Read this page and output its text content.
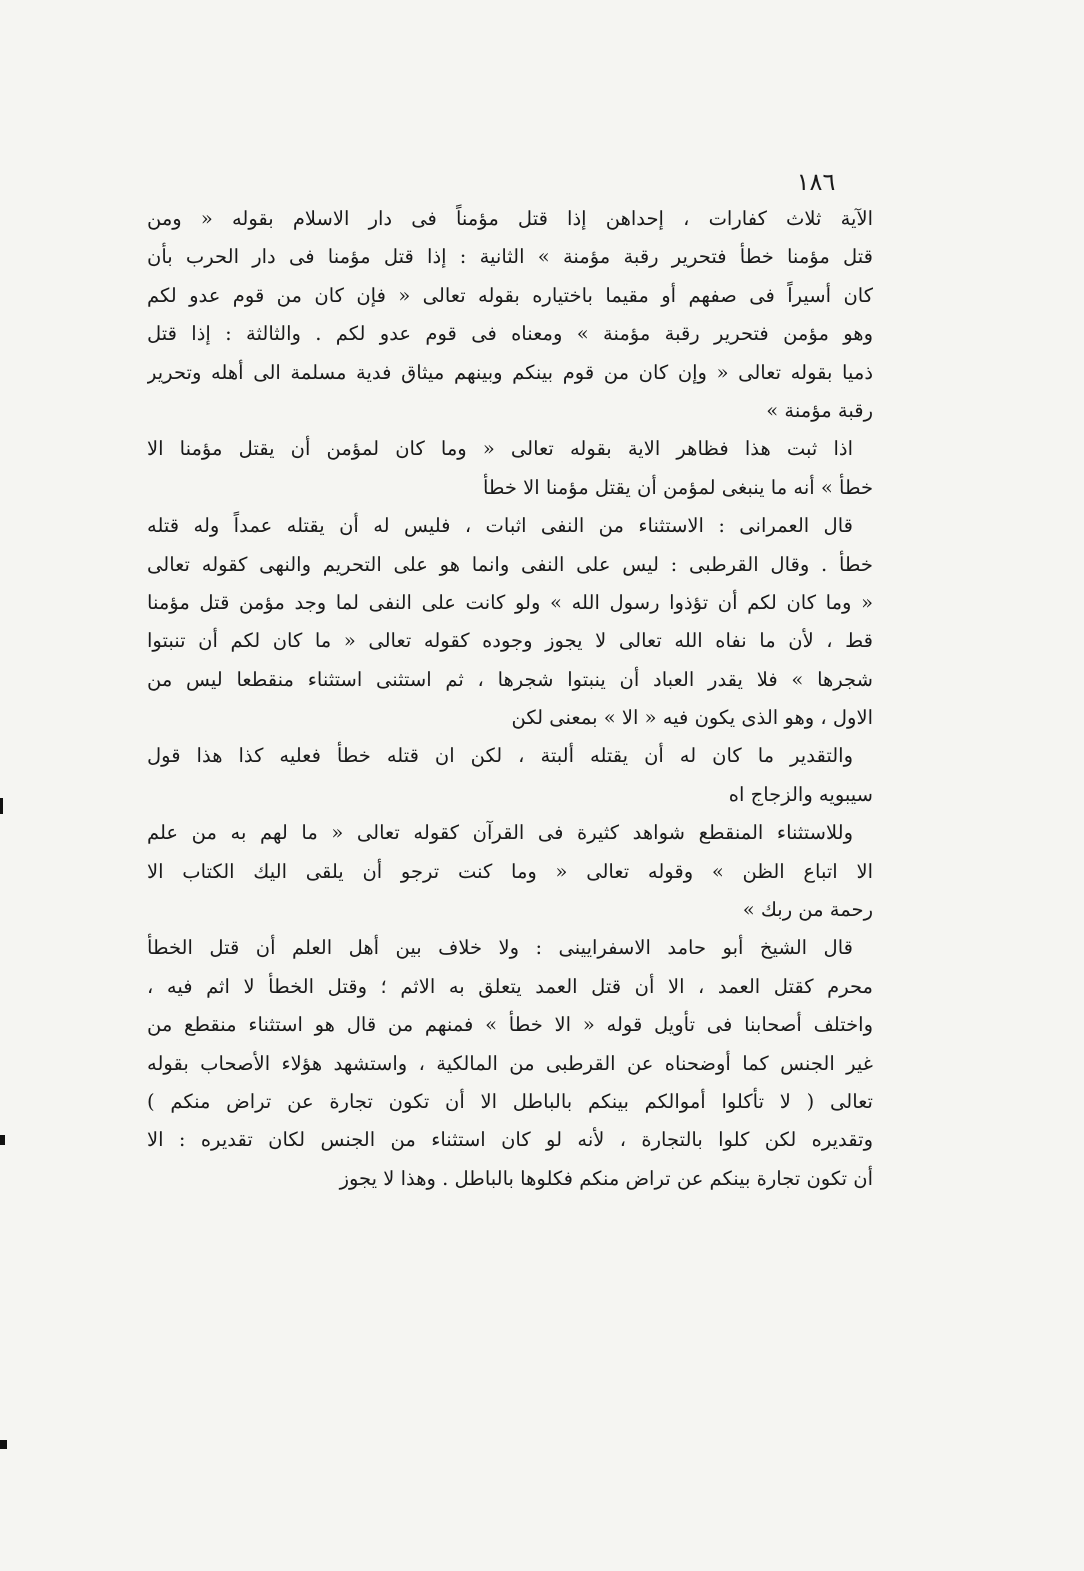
١٨٦
الآية ثلاث كفارات ، إحداهن إذا قتل مؤمناً فى دار الاسلام بقوله « ومن
قتل مؤمنا خطأ فتحرير رقبة مؤمنة » الثانية : إذا قتل مؤمنا فى دار الحرب بأن
كان أسيراً فى صفهم أو مقيما باختياره بقوله تعالى « فإن كان من قوم عدو لكم
وهو مؤمن فتحرير رقبة مؤمنة » ومعناه فى قوم عدو لكم . والثالثة : إذا قتل
ذميا بقوله تعالى « وإن كان من قوم بينكم وبينهم ميثاق فدية مسلمة الى أهله وتحرير
رقبة مؤمنة »
اذا ثبت هذا فظاهر الاية بقوله تعالى « وما كان لمؤمن أن يقتل مؤمنا الا
خطأ » أنه ما ينبغى لمؤمن أن يقتل مؤمنا الا خطأ
قال العمرانى : الاستثناء من النفى اثبات ، فليس له أن يقتله عمداً وله قتله
خطأ . وقال القرطبى : ليس على النفى وانما هو على التحريم والنهى كقوله تعالى
« وما كان لكم أن تؤذوا رسول الله » ولو كانت على النفى لما وجد مؤمن قتل مؤمنا
قط ، لأن ما نفاه الله تعالى لا يجوز وجوده كقوله تعالى « ما كان لكم أن تنبتوا
شجرها » فلا يقدر العباد أن ينبتوا شجرها ، ثم استثنى استثناء منقطعا ليس من
الاول ، وهو الذى يكون فيه « الا » بمعنى لكن
والتقدير ما كان له أن يقتله ألبتة ، لكن ان قتله خطأ فعليه كذا هذا قول
سيبويه والزجاج اه
وللاستثناء المنقطع شواهد كثيرة فى القرآن كقوله تعالى « ما لهم به من علم
الا اتباع الظن » وقوله تعالى « وما كنت ترجو أن يلقى اليك الكتاب الا
رحمة من ربك »
قال الشيخ أبو حامد الاسفرايينى : ولا خلاف بين أهل العلم أن قتل الخطأ
محرم كقتل العمد ، الا أن قتل العمد يتعلق به الاثم ؛ وقتل الخطأ لا اثم فيه ،
واختلف أصحابنا فى تأويل قوله « الا خطأ » فمنهم من قال هو استثناء منقطع من
غير الجنس كما أوضحناه عن القرطبى من المالكية ، واستشهد هؤلاء الأصحاب بقوله
تعالى ( لا تأكلوا أموالكم بينكم بالباطل الا أن تكون تجارة عن تراض منكم )
وتقديره لكن كلوا بالتجارة ، لأنه لو كان استثناء من الجنس لكان تقديره : الا
أن تكون تجارة بينكم عن تراض منكم فكلوها بالباطل . وهذا لا يجوز
